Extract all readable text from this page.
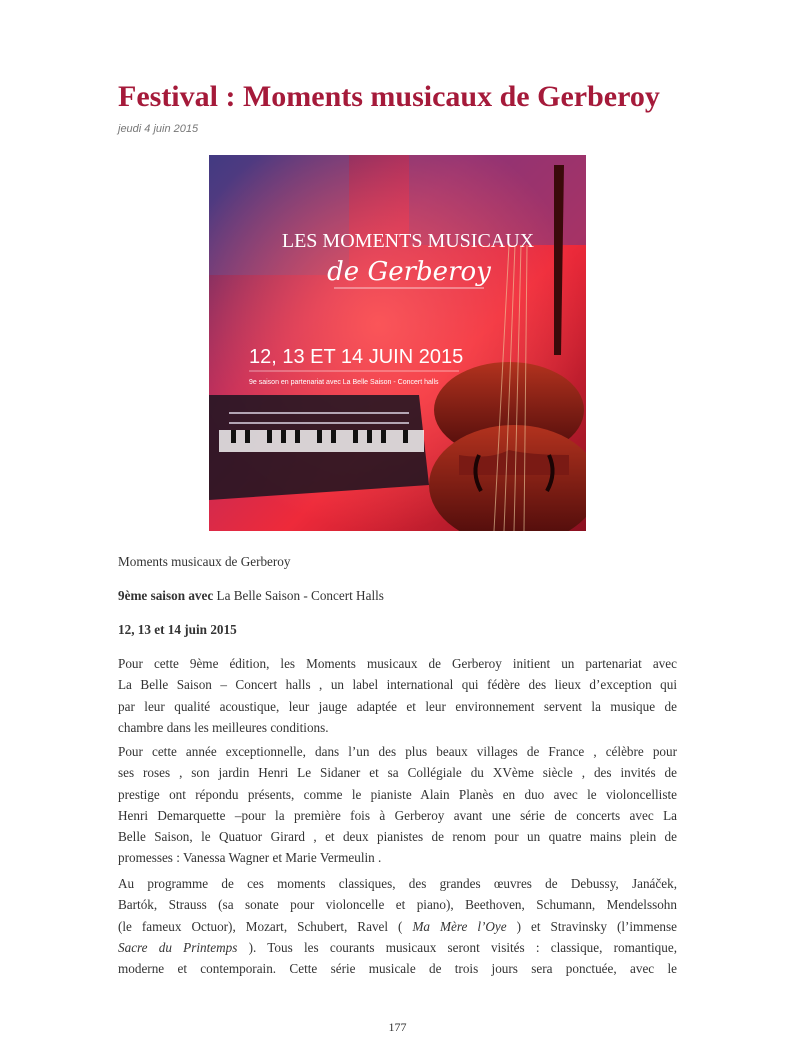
Festival : Moments musicaux de Gerberoy

jeudi 4 juin 2015

LES MOMENTS MUSICAUX
de Gerberoy
12, 13 ET 14 JUIN 2015
9e saison en partenariat avec La Belle Saison - Concert halls

Moments musicaux de Gerberoy

9ème saison avec La Belle Saison - Concert Halls

12, 13 et 14 juin 2015

Pour cette 9ème édition, les Moments musicaux de Gerberoy initient un partenariat avec
La Belle Saison – Concert halls , un label international qui fédère des lieux d’exception qui
par leur qualité acoustique, leur jauge adaptée et leur environnement servent la musique de
chambre dans les meilleures conditions.
Pour cette année exceptionnelle, dans l’un des plus beaux villages de France , célèbre pour
ses roses , son jardin Henri Le Sidaner et sa Collégiale du XVème siècle , des invités de
prestige ont répondu présents, comme le pianiste Alain Planès en duo avec le violoncelliste
Henri Demarquette –pour la première fois à Gerberoy avant une série de concerts avec La
Belle Saison, le Quatuor Girard , et deux pianistes de renom pour un quatre mains plein de
promesses : Vanessa Wagner et Marie Vermeulin .
Au programme de ces moments classiques, des grandes œuvres de Debussy, Janáček,
Bartók, Strauss (sa sonate pour violoncelle et piano), Beethoven, Schumann, Mendelssohn
(le fameux Octuor), Mozart, Schubert, Ravel ( Ma Mère l’Oye ) et Stravinsky (l’immense
Sacre du Printemps ). Tous les courants musicaux seront visités : classique, romantique,
moderne et contemporain. Cette série musicale de trois jours sera ponctuée, avec le

177
